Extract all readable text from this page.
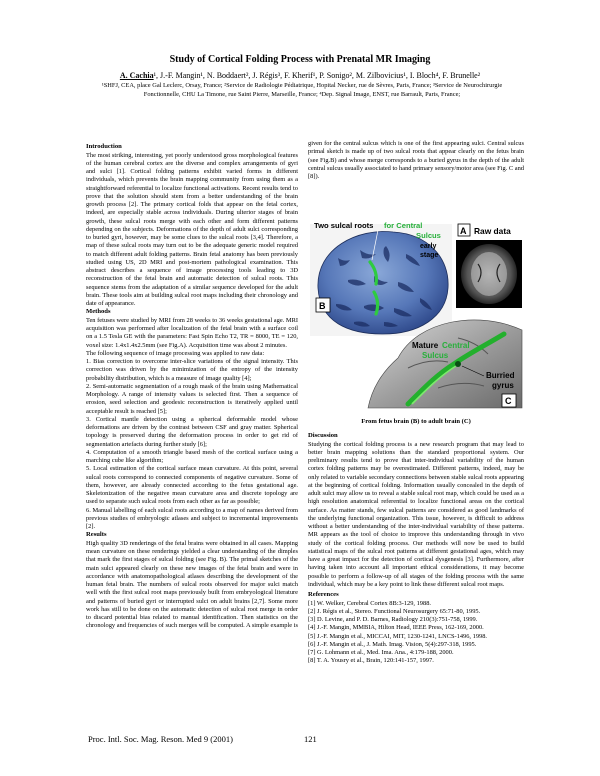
Study of Cortical Folding Process with Prenatal MR Imaging
A. Cachia¹, J.-F. Mangin¹, N. Boddaert², J. Régis³, F. Kherif¹, P. Sonigo², M. Zilbovicius¹, I. Bloch⁴, F. Brunelle²
¹SHFJ, CEA, place Gal Leclerc, Orsay, France; ²Service de Radiologie Pédiatrique, Hopital Necker, rue de Sèvres, Paris, France; ³Service de Neurochirurgie Fonctionnelle, CHU La Timone, rue Saint Pierre, Marseille, France; ⁴Dep. Signal Image, ENST, rue Barrault, Paris, France;
Introduction

The most striking, interesting, yet poorly understood gross morphological features of the human cerebral cortex are the diverse and complex arrangements of gyri and sulci [1]. Cortical folding patterns exhibit varied forms in different individuals, which prevents the brain mapping community from using them as a straightforward referential to localize functional activations. Recent results tend to prove that the solution should stem from a better understanding of the brain growth process [2]. The primary cortical folds that appear on the fetal cortex, indeed, are especially stable across individuals. During ulterior stages of brain growth, these sulcal roots merge with each other and form different patterns depending on the subjects. Deformations of the depth of adult sulci corresponding to buried gyri, however, may be some clues to the sulcal roots [3,4]. Therefore, a map of these sulcal roots may turn out to be the adequate generic model required to match different adult folding patterns. Brain fetal anatomy has been previously studied using US, 2D MRI and post-mortem pathological examination. This abstract describes a sequence of image processing tools leading to 3D reconstruction of the fetal brain and automatic detection of sulcal roots. This sequence stems from the adaptation of a similar sequence developed for the adult brain. These tools aim at building sulcal root maps including their chronology and date of appearance.

Methods

Ten fetuses were studied by MRI from 28 weeks to 36 weeks gestational age. MRI acquisition was performed after localization of the fetal brain with a surface coil on a 1.5 Tesla GE with the parameters: Fast Spin Echo T2, TR = 8000, TE = 120, voxel size: 1.4x1.4x2.5mm (see Fig.A). Acquisition time was about 2 minutes.

The following sequence of image processing was applied to raw data:

1. Bias correction to overcome inter-slice variations of the signal intensity. This correction was driven by the minimization of the entropy of the intensity probability distribution, which is a measure of image quality [4];
2. Semi-automatic segmentation of a rough mask of the brain using Mathematical Morphology. A range of intensity values is selected first. Then a sequence of erosion, seed selection and geodesic reconstruction is iteratively applied until acceptable result is reached [5];
3. Cortical mantle detection using a spherical deformable model whose deformations are driven by the contrast between CSF and gray matter. Spherical topology is preserved during the deformation process in order to get rid of segmentation artefacts during further study [6];
4. Computation of a smooth triangle based mesh of the cortical surface using a marching cube like algorithm;
5. Local estimation of the cortical surface mean curvature. At this point, several sulcal roots correspond to connected components of negative curvature. Some of them, however, are already connected according to the fetus gestational age. Skeletonization of the negative mean curvature area and discrete topology are used to separate such sulcal roots from each other as far as possible;
6. Manual labelling of each sulcal roots according to a map of names derived from previous studies of embryologic atlases and subject to incremental improvements [2].
Results

High quality 3D renderings of the fetal brains were obtained in all cases. Mapping mean curvature on these renderings yielded a clear understanding of the dimples that mark the first stages of sulcal folding (see Fig. B). The primal sketches of the main sulci appeared clearly on these new images of the fetal brain and were in accordance with anatomopathological atlases describing the development of the human fetal brain. The numbers of sulcal roots observed for major sulci match well with the first sulcal root maps previously built from embryological literature and patterns of buried gyri or interrupted sulci on adult brains [2,7]. Some more work has still to be done on the automatic detection of sulcal root merge in order to discard potential bias related to manual identification. Then statistics on the chronology and frequencies of such merges will be computed. A simple example is

given for the central sulcus which is one of the first appearing sulci. Central sulcus primal sketch is made up of two sulcal roots that appear clearly on the fetus brain (see Fig.B) and whose merge corresponds to a buried gyrus in the depth of the adult central sulcus usually associated to hand primary sensory/motor area (see Fig. C and [8]).

Two sulcal roots for Central
Sulcus
early
stage
B
A Raw data
Mature Central
Sulcus
Burried
gyrus
C
From fetus brain (B) to adult brain (C)
Discussion

Studying the cortical folding process is a new research program that may lead to better brain mapping solutions than the standard proportional system. Our preliminary results tend to prove that inter-individual variability of the human cortex folding patterns may be overestimated. Different patterns, indeed, may be only related to variable secondary connections between stable sulcal roots appearing at the beginning of cortical folding. Information usually concealed in the depth of adult sulci may allow us to reveal a stable sulcal root map, which could be used as a high resolution anatomical referential to localize functional areas on the cortical surface. As matter stands, few sulcal patterns are considered as good landmarks of the underlying functional organization. This issue, however, is difficult to address without a better understanding of the inter-individual variability of these patterns. MR appears as the tool of choice to improve this understanding through in vivo study of the cortical folding process. Our methods will now be used to build statistical maps of the sulcal root patterns at different gestational ages, which may have a great impact for the detection of cortical dysgenesis [3]. Furthermore, after having taken into account all important ethical considerations, it may become possible to perform a follow-up of all stages of the folding process with the same individual, which may be a key point to link these different sulcal root maps.

References
[1] W. Welker, Cerebral Cortex 8B:3-129, 1988.
[2] J. Régis et al., Stereo. Functional Neurosurgery 65:71-80, 1995.
[3] D. Levine, and P. D. Barnes, Radiology 210(3):751-758, 1999.
[4] J.-F. Mangin, MMBIA, Hilton Head, IEEE Press, 162-169, 2000.
[5] J.-F. Mangin et al., MICCAI, MIT, 1230-1241, LNCS-1496, 1998.
[6] J.-F. Mangin et al., J. Math. Imag. Vision, 5(4):297-318, 1995.
[7] G. Lohmann et al., Med. Ima. Ana., 4:179-188, 2000.
[8] T. A. Yousry et al., Brain, 120:141-157, 1997.
Proc. Intl. Soc. Mag. Reson. Med 9 (2001)	121
